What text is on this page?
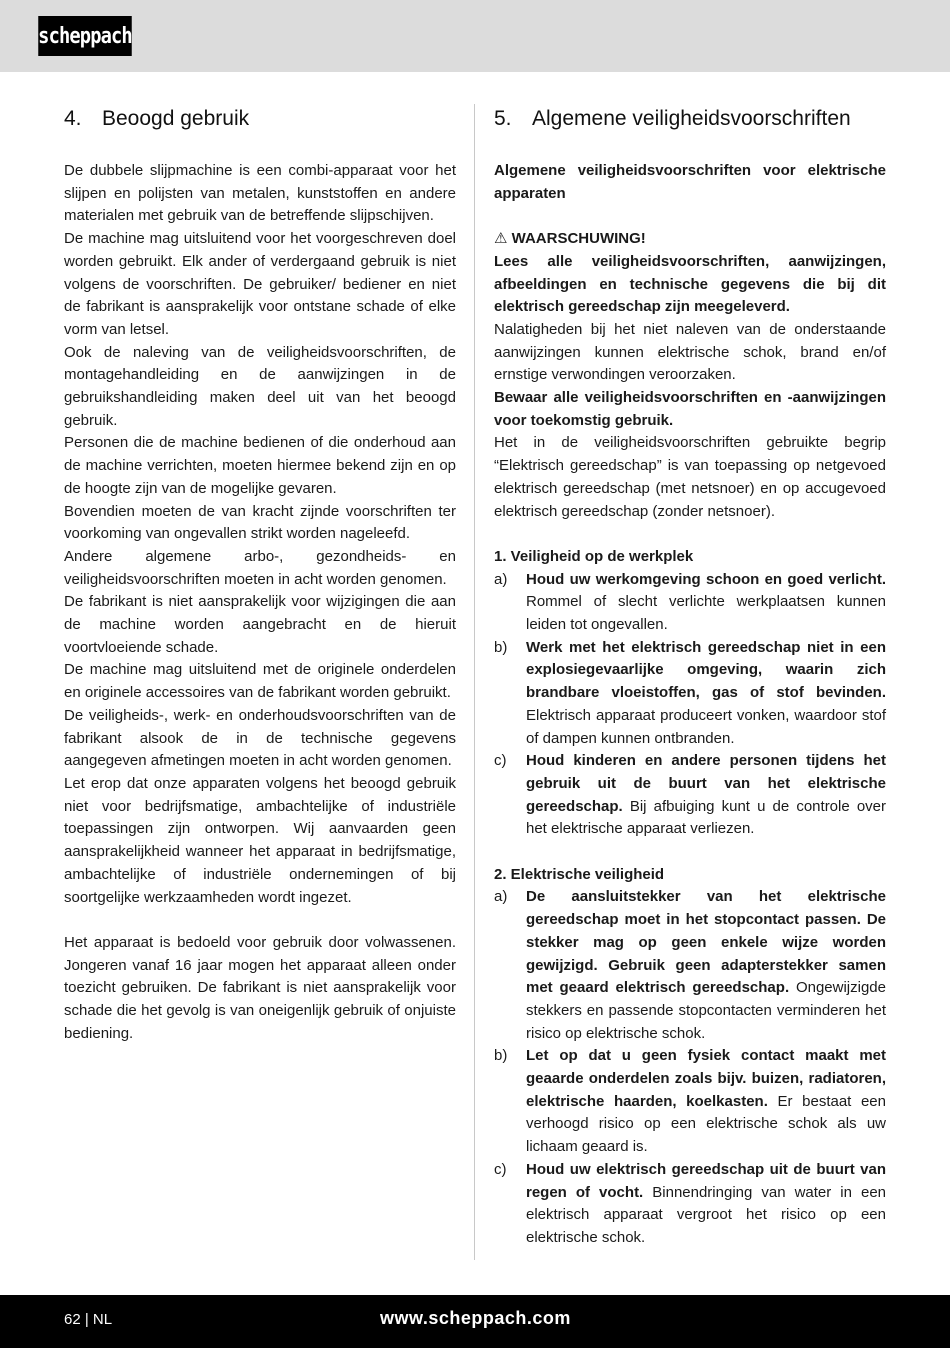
scheppach
4. Beoogd gebruik

De dubbele slijpmachine is een combi-apparaat voor het slijpen en polijsten van metalen, kunststoffen en andere materialen met gebruik van de betreffende slijpschijven.

De machine mag uitsluitend voor het voorgeschreven doel worden gebruikt. Elk ander of verdergaand gebruik is niet volgens de voorschriften. De gebruiker/ bediener en niet de fabrikant is aansprakelijk voor ontstane schade of elke vorm van letsel.

Ook de naleving van de veiligheidsvoorschriften, de montagehandleiding en de aanwijzingen in de gebruikshandleiding maken deel uit van het beoogd gebruik.

Personen die de machine bedienen of die onderhoud aan de machine verrichten, moeten hiermee bekend zijn en op de hoogte zijn van de mogelijke gevaren.

Bovendien moeten de van kracht zijnde voorschriften ter voorkoming van ongevallen strikt worden nageleefd.

Andere algemene arbo-, gezondheids- en veiligheidsvoorschriften moeten in acht worden genomen.

De fabrikant is niet aansprakelijk voor wijzigingen die aan de machine worden aangebracht en de hieruit voortvloeiende schade.

De machine mag uitsluitend met de originele onderdelen en originele accessoires van de fabrikant worden gebruikt.

De veiligheids-, werk- en onderhoudsvoorschriften van de fabrikant alsook de in de technische gegevens aangegeven afmetingen moeten in acht worden genomen.

Let erop dat onze apparaten volgens het beoogd gebruik niet voor bedrijfsmatige, ambachtelijke of industriële toepassingen zijn ontworpen. Wij aanvaarden geen aansprakelijkheid wanneer het apparaat in bedrijfsmatige, ambachtelijke of industriële ondernemingen of bij soortgelijke werkzaamheden wordt ingezet.

Het apparaat is bedoeld voor gebruik door volwassenen. Jongeren vanaf 16 jaar mogen het apparaat alleen onder toezicht gebruiken. De fabrikant is niet aansprakelijk voor schade die het gevolg is van oneigenlijk gebruik of onjuiste bediening.

5. Algemene veiligheidsvoorschriften

Algemene veiligheidsvoorschriften voor elektrische apparaten

⚠ WAARSCHUWING!

Lees alle veiligheidsvoorschriften, aanwijzingen, afbeeldingen en technische gegevens die bij dit elektrisch gereedschap zijn meegeleverd.

Nalatigheden bij het niet naleven van de onderstaande aanwijzingen kunnen elektrische schok, brand en/of ernstige verwondingen veroorzaken.

Bewaar alle veiligheidsvoorschriften en -aanwijzingen voor toekomstig gebruik.

Het in de veiligheidsvoorschriften gebruikte begrip “Elektrisch gereedschap” is van toepassing op netgevoed elektrisch gereedschap (met netsnoer) en op accugevoed elektrisch gereedschap (zonder netsnoer).

1. Veiligheid op de werkplek

a)	Houd uw werkomgeving schoon en goed verlicht. Rommel of slecht verlichte werkplaatsen kunnen leiden tot ongevallen.
b)	Werk met het elektrisch gereedschap niet in een explosiegevaarlijke omgeving, waarin zich brandbare vloeistoffen, gas of stof bevinden. Elektrisch apparaat produceert vonken, waardoor stof of dampen kunnen ontbranden.
c)	Houd kinderen en andere personen tijdens het gebruik uit de buurt van het elektrische gereedschap. Bij afbuiging kunt u de controle over het elektrische apparaat verliezen.

2. Elektrische veiligheid

a)	De aansluitstekker van het elektrische gereedschap moet in het stopcontact passen. De stekker mag op geen enkele wijze worden gewijzigd. Gebruik geen adapterstekker samen met geaard elektrisch gereedschap. Ongewijzigde stekkers en passende stopcontacten verminderen het risico op elektrische schok.
b)	Let op dat u geen fysiek contact maakt met geaarde onderdelen zoals bijv. buizen, radiatoren, elektrische haarden, koelkasten. Er bestaat een verhoogd risico op een elektrische schok als uw lichaam geaard is.
c)	Houd uw elektrisch gereedschap uit de buurt van regen of vocht. Binnendringing van water in een elektrisch apparaat vergroot het risico op een elektrische schok.
62 | NL	www.scheppach.com
